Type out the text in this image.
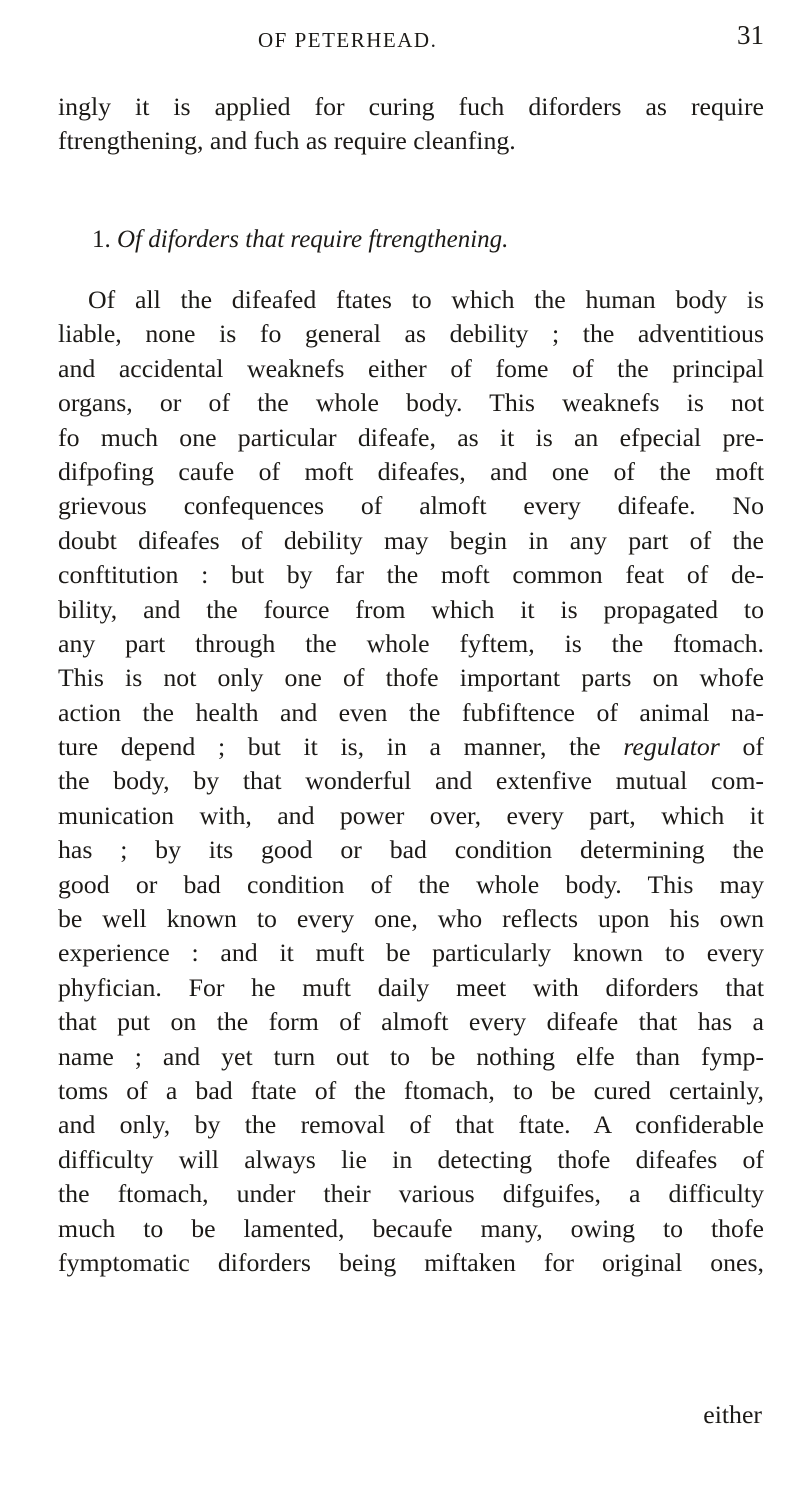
OF PETERHEAD.	31
ingly it is applied for curing fuch diforders as require
ftrengthening, and fuch as require cleanfing.
1. Of diforders that require ftrengthening.
Of all the difeafed ftates to which the human body is
liable, none is fo general as debility ; the adventitious
and accidental weaknefs either of fome of the principal
organs, or of the whole body. This weaknefs is not
fo much one particular difeafe, as it is an efpecial pre-
difpofing caufe of moft difeafes, and one of the moft
grievous confequences of almoft every difeafe. No
doubt difeafes of debility may begin in any part of the
conftitution : but by far the moft common feat of de-
bility, and the fource from which it is propagated to
any part through the whole fyftem, is the ftomach.
This is not only one of thofe important parts on whofe
action the health and even the fubfiftence of animal na-
ture depend ; but it is, in a manner, the regulator of
the body, by that wonderful and extenfive mutual com-
munication with, and power over, every part, which it
has ; by its good or bad condition determining the
good or bad condition of the whole body. This may
be well known to every one, who reflects upon his own
experience : and it muft be particularly known to every
phyfician. For he muft daily meet with diforders that
that put on the form of almoft every difeafe that has a
name ; and yet turn out to be nothing elfe than fymp-
toms of a bad ftate of the ftomach, to be cured certainly,
and only, by the removal of that ftate. A confiderable
difficulty will always lie in detecting thofe difeafes of
the ftomach, under their various difguifes, a difficulty
much to be lamented, becaufe many, owing to thofe
fymptomatic diforders being miftaken for original ones,
either
